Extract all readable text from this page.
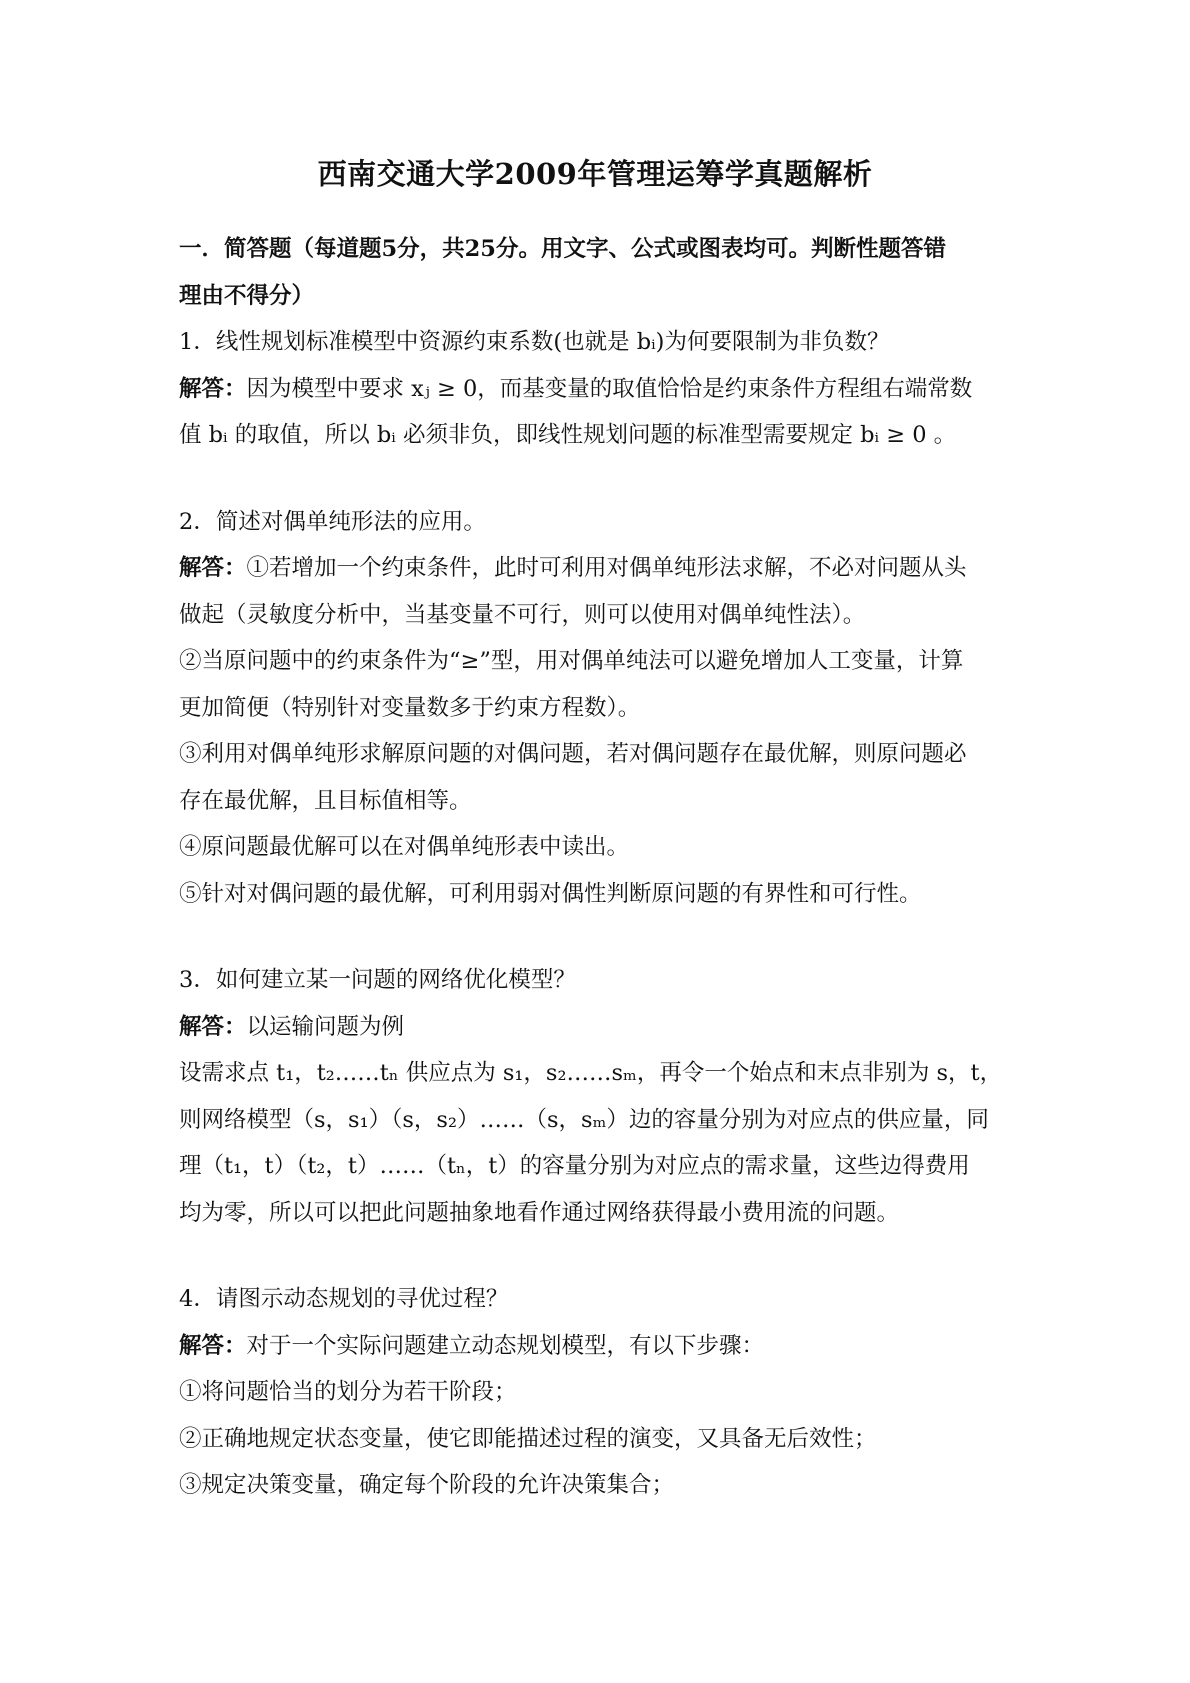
西南交通大学2009年管理运筹学真题解析

一．简答题（每道题5分，共25分。用文字、公式或图表均可。判断性题答错

理由不得分）

1．线性规划标准模型中资源约束系数(也就是 bᵢ)为何要限制为非负数？

解答：因为模型中要求 xⱼ ≥ 0，而基变量的取值恰恰是约束条件方程组右端常数

值 bᵢ 的取值，所以 bᵢ 必须非负，即线性规划问题的标准型需要规定 bᵢ ≥ 0 。

2．简述对偶单纯形法的应用。

解答：①若增加一个约束条件，此时可利用对偶单纯形法求解，不必对问题从头

做起（灵敏度分析中，当基变量不可行，则可以使用对偶单纯性法）。

②当原问题中的约束条件为“≥”型，用对偶单纯法可以避免增加人工变量，计算

更加简便（特别针对变量数多于约束方程数）。

③利用对偶单纯形求解原问题的对偶问题，若对偶问题存在最优解，则原问题必

存在最优解，且目标值相等。

④原问题最优解可以在对偶单纯形表中读出。

⑤针对对偶问题的最优解，可利用弱对偶性判断原问题的有界性和可行性。

3．如何建立某一问题的网络优化模型？

解答：以运输问题为例

设需求点 t₁，t₂……tₙ 供应点为 s₁，s₂……sₘ，再令一个始点和末点非别为 s，t，

则网络模型（s，s₁）（s，s₂）……（s，sₘ）边的容量分别为对应点的供应量，同

理（t₁，t）（t₂，t）……（tₙ，t）的容量分别为对应点的需求量，这些边得费用

均为零，所以可以把此问题抽象地看作通过网络获得最小费用流的问题。

4．请图示动态规划的寻优过程？

解答：对于一个实际问题建立动态规划模型，有以下步骤：

①将问题恰当的划分为若干阶段；

②正确地规定状态变量，使它即能描述过程的演变，又具备无后效性；

③规定决策变量，确定每个阶段的允许决策集合；
